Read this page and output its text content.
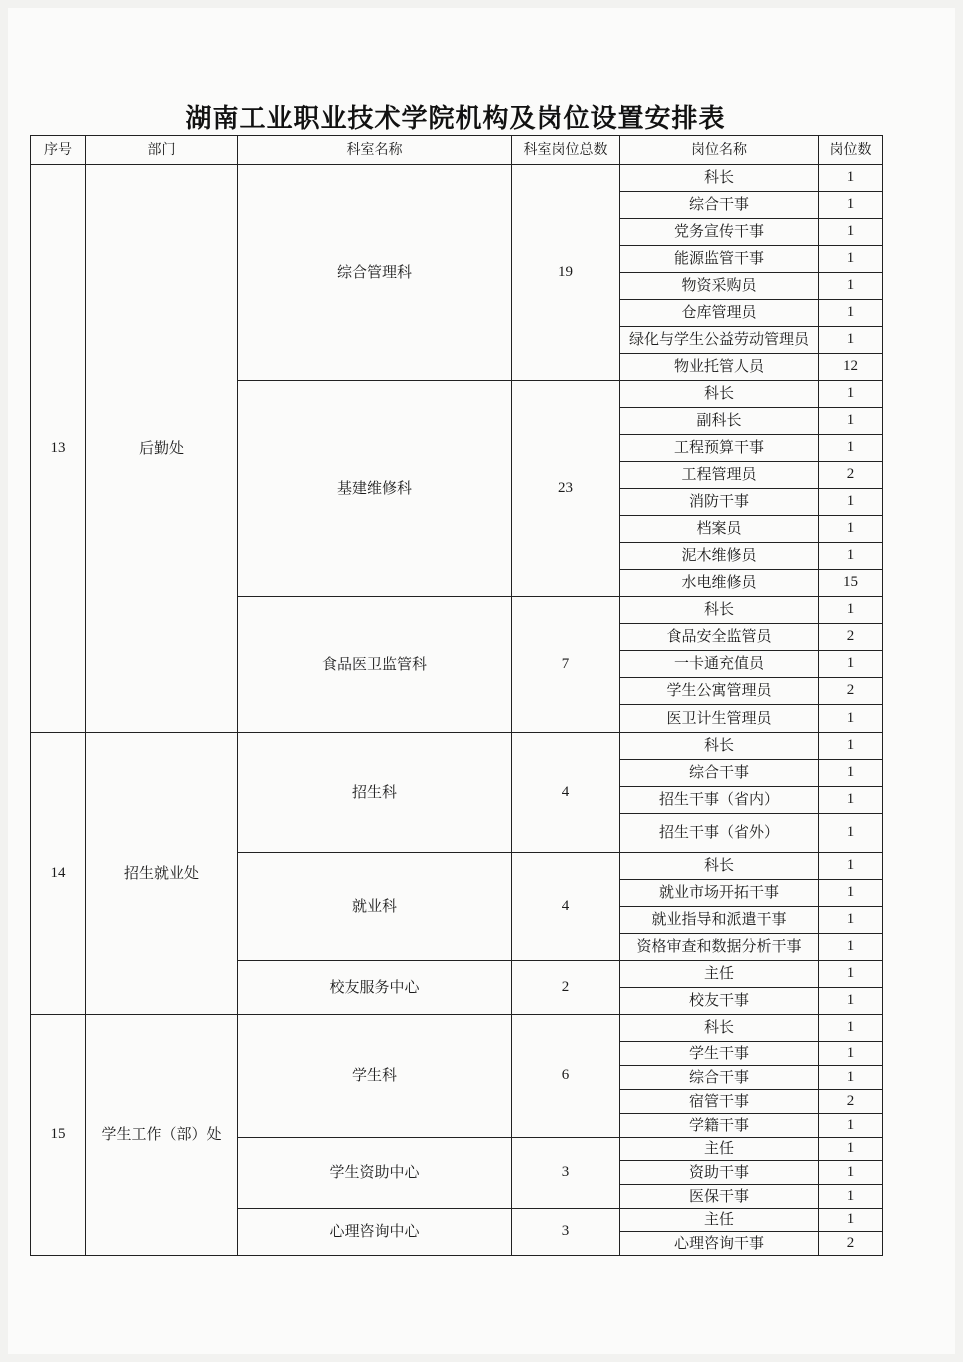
湖南工业职业技术学院机构及岗位设置安排表
序号	部门	科室名称	科室岗位总数	岗位名称	岗位数
13	后勤处	综合管理科	19	科长	1
				综合干事	1
				党务宣传干事	1
				能源监管干事	1
				物资采购员	1
				仓库管理员	1
				绿化与学生公益劳动管理员	1
				物业托管人员	12
		基建维修科	23	科长	1
				副科长	1
				工程预算干事	1
				工程管理员	2
				消防干事	1
				档案员	1
				泥木维修员	1
				水电维修员	15
		食品医卫监管科	7	科长	1
				食品安全监管员	2
				一卡通充值员	1
				学生公寓管理员	2
				医卫计生管理员	1
14	招生就业处	招生科	4	科长	1
				综合干事	1
				招生干事（省内）	1
				招生干事（省外）	1
		就业科	4	科长	1
				就业市场开拓干事	1
				就业指导和派遣干事	1
				资格审查和数据分析干事	1
		校友服务中心	2	主任	1
				校友干事	1
15	学生工作（部）处	学生科	6	科长	1
				学生干事	1
				综合干事	1
				宿管干事	2
				学籍干事	1
		学生资助中心	3	主任	1
				资助干事	1
				医保干事	1
		心理咨询中心	3	主任	1
				心理咨询干事	2
